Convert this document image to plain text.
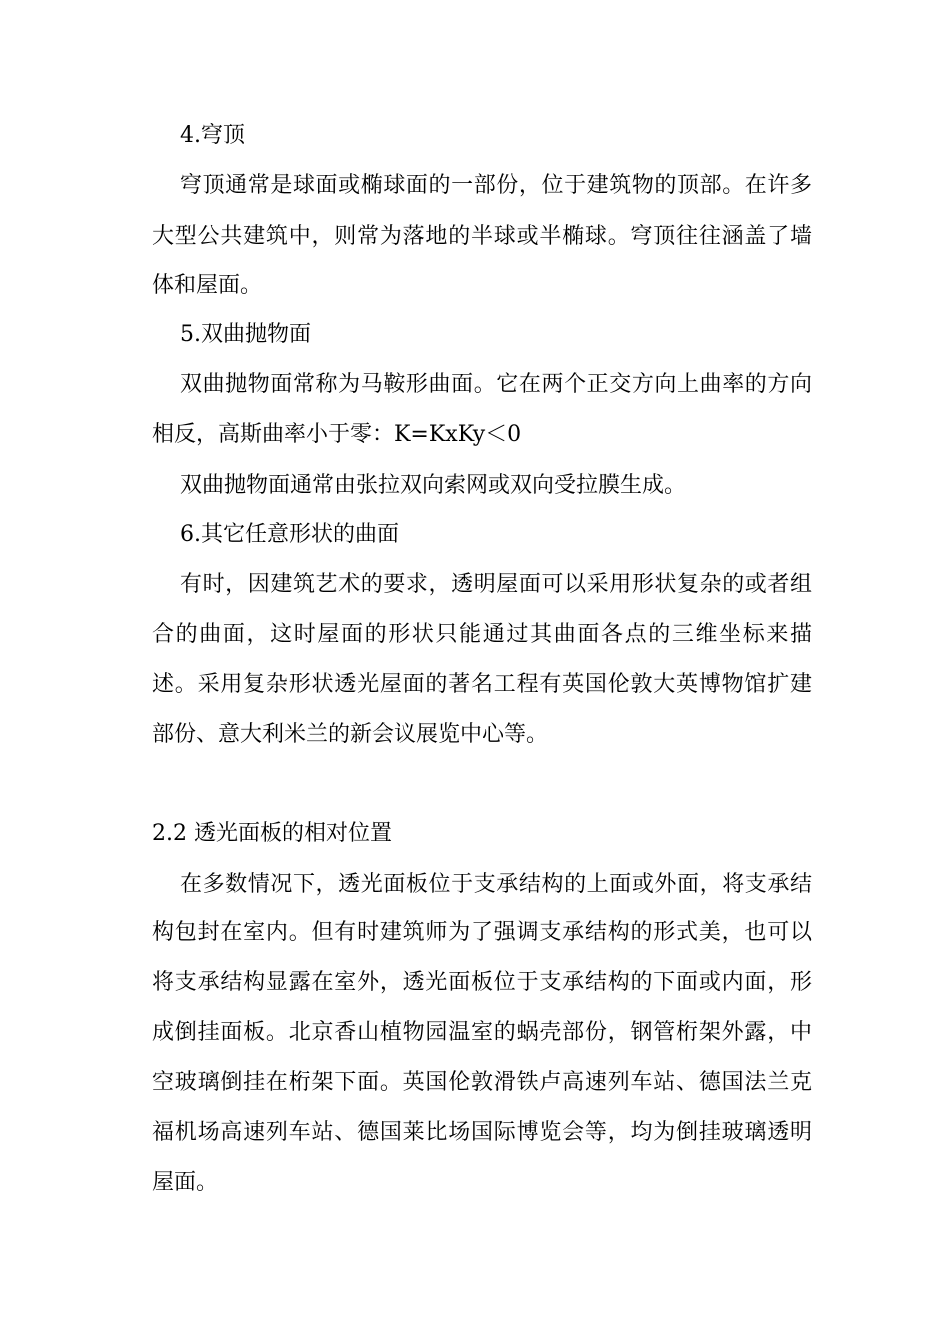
4.穹顶
穹顶通常是球面或椭球面的一部份，位于建筑物的顶部。在许多
大型公共建筑中，则常为落地的半球或半椭球。穹顶往往涵盖了墙
体和屋面。
5.双曲抛物面
双曲抛物面常称为马鞍形曲面。它在两个正交方向上曲率的方向
相反，高斯曲率小于零：K=KxKy＜0
双曲抛物面通常由张拉双向索网或双向受拉膜生成。
6.其它任意形状的曲面
有时，因建筑艺术的要求，透明屋面可以采用形状复杂的或者组
合的曲面，这时屋面的形状只能通过其曲面各点的三维坐标来描
述。采用复杂形状透光屋面的著名工程有英国伦敦大英博物馆扩建
部份、意大利米兰的新会议展览中心等。
2.2 透光面板的相对位置
在多数情况下，透光面板位于支承结构的上面或外面，将支承结
构包封在室内。但有时建筑师为了强调支承结构的形式美，也可以
将支承结构显露在室外，透光面板位于支承结构的下面或内面，形
成倒挂面板。北京香山植物园温室的蜗壳部份，钢管桁架外露，中
空玻璃倒挂在桁架下面。英国伦敦滑铁卢高速列车站、德国法兰克
福机场高速列车站、德国莱比场国际博览会等，均为倒挂玻璃透明
屋面。
